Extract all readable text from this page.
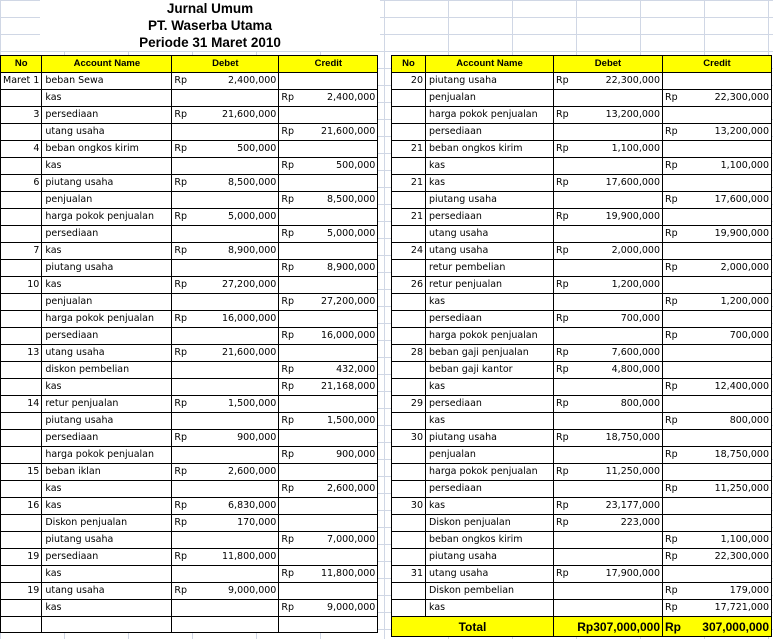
Jurnal Umum
PT. Waserba Utama
Periode 31 Maret 2010
No	Account Name	Debet		Credit	
Maret 1	beban Sewa	Rp	2,400,000		
	kas			Rp	2,400,000
3	persediaan	Rp	21,600,000		
	utang usaha			Rp	21,600,000
4	beban ongkos kirim	Rp	500,000		
	kas			Rp	500,000
6	piutang usaha	Rp	8,500,000		
	penjualan			Rp	8,500,000
	harga pokok penjualan	Rp	5,000,000		
	persediaan			Rp	5,000,000
7	kas	Rp	8,900,000		
	piutang usaha			Rp	8,900,000
10	kas	Rp	27,200,000		
	penjualan			Rp	27,200,000
	harga pokok penjualan	Rp	16,000,000		
	persediaan			Rp	16,000,000
13	utang usaha	Rp	21,600,000		
	diskon pembelian			Rp	432,000
	kas			Rp	21,168,000
14	retur penjualan	Rp	1,500,000		
	piutang usaha			Rp	1,500,000
	persediaan	Rp	900,000		
	harga pokok penjualan			Rp	900,000
15	beban iklan	Rp	2,600,000		
	kas			Rp	2,600,000
16	kas	Rp	6,830,000		
	Diskon penjualan	Rp	170,000		
	piutang usaha			Rp	7,000,000
19	persediaan	Rp	11,800,000		
	kas			Rp	11,800,000
19	utang usaha	Rp	9,000,000		
	kas			Rp	9,000,000

No	Account Name	Debet		Credit	
20	piutang usaha	Rp	22,300,000		
	penjualan			Rp	22,300,000
	harga pokok penjualan	Rp	13,200,000		
	persediaan			Rp	13,200,000
21	beban ongkos kirim	Rp	1,100,000		
	kas			Rp	1,100,000
21	kas	Rp	17,600,000		
	piutang usaha			Rp	17,600,000
21	persediaan	Rp	19,900,000		
	utang usaha			Rp	19,900,000
24	utang usaha	Rp	2,000,000		
	retur pembelian			Rp	2,000,000
26	retur penjualan	Rp	1,200,000		
	kas			Rp	1,200,000
	persediaan	Rp	700,000		
	harga pokok penjualan			Rp	700,000
28	beban gaji penjualan	Rp	7,600,000		
	beban gaji kantor	Rp	4,800,000		
	kas			Rp	12,400,000
29	persediaan	Rp	800,000		
	kas			Rp	800,000
30	piutang usaha	Rp	18,750,000		
	penjualan			Rp	18,750,000
	harga pokok penjualan	Rp	11,250,000		
	persediaan			Rp	11,250,000
30	kas	Rp	23,177,000		
	Diskon penjualan	Rp	223,000		
	beban ongkos kirim			Rp	1,100,000
	piutang usaha			Rp	22,300,000
31	utang usaha	Rp	17,900,000		
	Diskon pembelian			Rp	179,000
	kas			Rp	17,721,000
Total		Rp307,000,000		Rp	307,000,000
